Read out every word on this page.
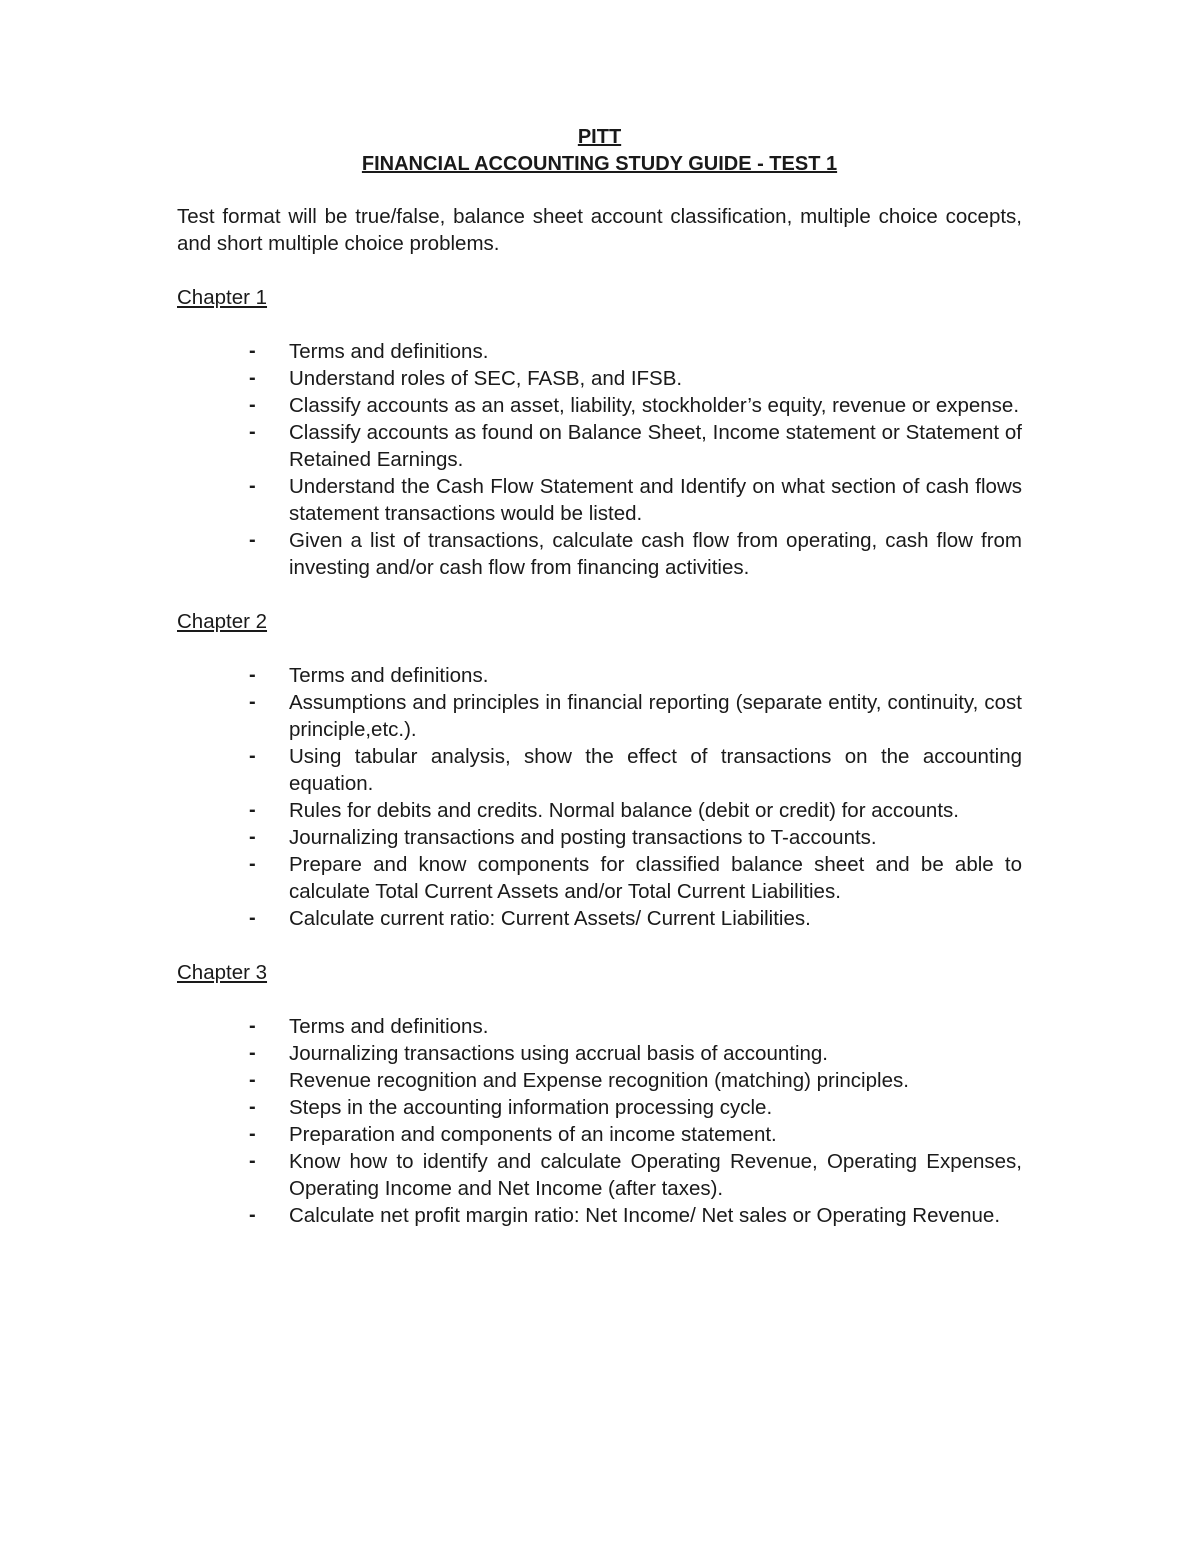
PITT
FINANCIAL ACCOUNTING STUDY GUIDE - TEST 1

Test format will be true/false, balance sheet account classification, multiple choice cocepts, and short multiple choice problems.

Chapter 1
- Terms and definitions.
- Understand roles of SEC, FASB, and IFSB.
- Classify accounts as an asset, liability, stockholder’s equity, revenue or expense.
- Classify accounts as found on Balance Sheet, Income statement or Statement of Retained Earnings.
- Understand the Cash Flow Statement and Identify on what section of cash flows statement transactions would be listed.
- Given a list of transactions, calculate cash flow from operating, cash flow from investing and/or cash flow from financing activities.
Chapter 2
- Terms and definitions.
- Assumptions and principles in financial reporting (separate entity, continuity, cost principle,etc.).
- Using tabular analysis, show the effect of transactions on the accounting equation.
- Rules for debits and credits. Normal balance (debit or credit) for accounts.
- Journalizing transactions and posting transactions to T-accounts.
- Prepare and know components for classified balance sheet and be able to calculate Total Current Assets and/or Total Current Liabilities.
- Calculate current ratio: Current Assets/ Current Liabilities.
Chapter 3
- Terms and definitions.
- Journalizing transactions using accrual basis of accounting.
- Revenue recognition and Expense recognition (matching) principles.
- Steps in the accounting information processing cycle.
- Preparation and components of an income statement.
- Know how to identify and calculate Operating Revenue, Operating Expenses, Operating Income and Net Income (after taxes).
- Calculate net profit margin ratio: Net Income/ Net sales or Operating Revenue.
